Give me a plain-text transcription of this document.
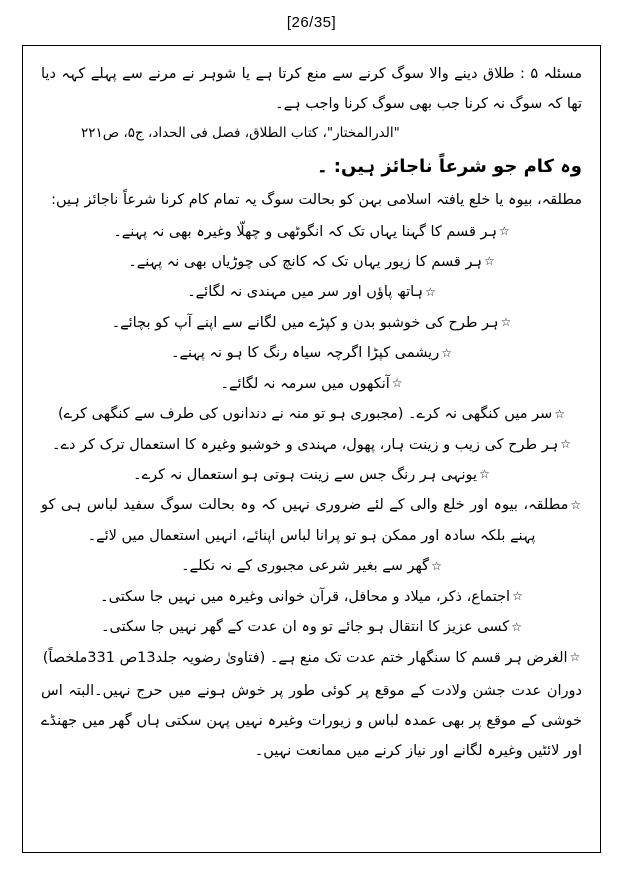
[26/35]
مسئلہ ۵ : طلاق دینے والا سوگ کرنے سے منع کرتا ہے یا شوہر نے مرنے سے پہلے کہہ دیا تھا کہ سوگ نہ کرنا جب بھی سوگ کرنا واجب ہے۔
"الدرالمختار"، کتاب الطلاق، فصل فی الحداد، ج۵، ص۲۲۱
وہ کام جو شرعاً ناجائز ہیں: ۔
مطلقہ، بیوہ یا خلع یافتہ اسلامی بہن کو بحالت سوگ یہ تمام کام کرنا شرعاً ناجائز ہیں:
☆ہر قسم کا گہنا یہاں تک کہ انگوٹھی و چھلّا وغیرہ بھی نہ پہنے۔
☆ہر قسم کا زیور یہاں تک کہ کانچ کی چوڑیاں بھی نہ پہنے۔
☆ہاتھ پاؤں اور سر میں مہندی نہ لگائے۔
☆ہر طرح کی خوشبو بدن و کپڑے میں لگانے سے اپنے آپ کو بچائے۔
☆ریشمی کپڑا اگرچہ سیاہ رنگ کا ہو نہ پہنے۔
☆آنکھوں میں سرمہ نہ لگائے۔
☆سر میں کنگھی نہ کرے۔ (مجبوری ہو تو منہ نے دندانوں کی طرف سے کنگھی کرے)
☆ہر طرح کی زیب و زینت ہار، پھول، مہندی و خوشبو وغیرہ کا استعمال ترک کر دے۔
☆یونہی ہر رنگ جس سے زینت ہوتی ہو استعمال نہ کرے۔
☆مطلقہ، بیوہ اور خلع والی کے لئے ضروری نہیں کہ وہ بحالت سوگ سفید لباس ہی کو پہنے بلکہ سادہ اور ممکن ہو تو پرانا لباس اپنائے، انہیں استعمال میں لائے۔
☆گھر سے بغیر شرعی مجبوری کے نہ نکلے۔
☆اجتماع، ذکر، میلاد و محافل، قرآن خوانی وغیرہ میں نہیں جا سکتی۔
☆کسی عزیز کا انتقال ہو جائے تو وہ ان عدت کے گھر نہیں جا سکتی۔
☆الغرض ہر قسم کا سنگھار ختم عدت تک منع ہے۔ (فتاویٰ رضویہ جلد13ص 331ملخصاً)
دوران عدت جشن ولادت کے موقع پر کوئی طور پر خوش ہونے میں حرج نہیں۔البتہ اس خوشی کے موقع پر بھی عمدہ لباس و زیورات وغیرہ نہیں پہن سکتی ہاں گھر میں جھنڈے اور لائٹیں وغیرہ لگانے اور نیاز کرنے میں ممانعت نہیں۔
